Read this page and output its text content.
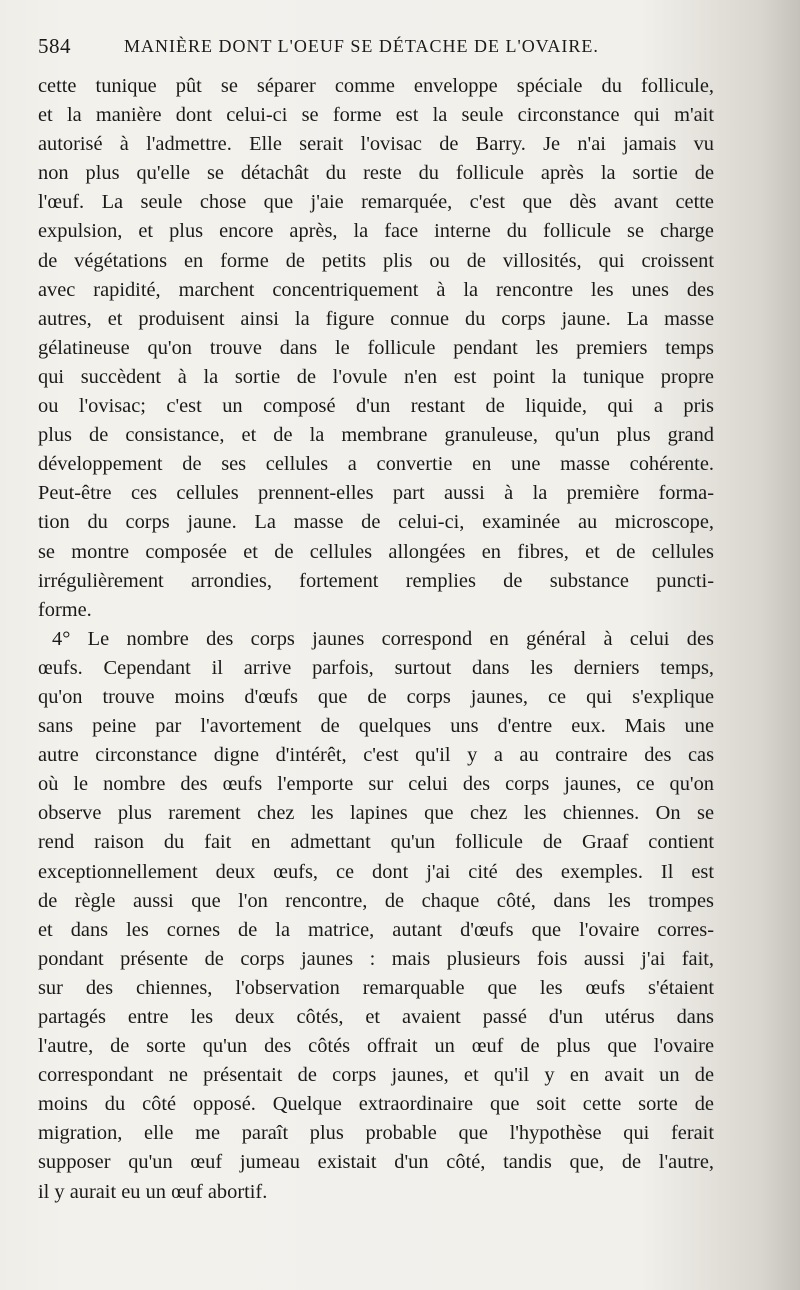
584	MANIÈRE DONT L'OEUF SE DÉTACHE DE L'OVAIRE.
cette tunique pût se séparer comme enveloppe spéciale du follicule,
et la manière dont celui-ci se forme est la seule circonstance qui m'ait
autorisé à l'admettre. Elle serait l'ovisac de Barry. Je n'ai jamais vu
non plus qu'elle se détachât du reste du follicule après la sortie de
l'œuf. La seule chose que j'aie remarquée, c'est que dès avant cette
expulsion, et plus encore après, la face interne du follicule se charge
de végétations en forme de petits plis ou de villosités, qui croissent
avec rapidité, marchent concentriquement à la rencontre les unes des
autres, et produisent ainsi la figure connue du corps jaune. La masse
gélatineuse qu'on trouve dans le follicule pendant les premiers temps
qui succèdent à la sortie de l'ovule n'en est point la tunique propre
ou l'ovisac; c'est un composé d'un restant de liquide, qui a pris
plus de consistance, et de la membrane granuleuse, qu'un plus grand
développement de ses cellules a convertie en une masse cohérente.
Peut-être ces cellules prennent-elles part aussi à la première forma-
tion du corps jaune. La masse de celui-ci, examinée au microscope,
se montre composée et de cellules allongées en fibres, et de cellules
irrégulièrement arrondies, fortement remplies de substance puncti-
forme.
4° Le nombre des corps jaunes correspond en général à celui des
œufs. Cependant il arrive parfois, surtout dans les derniers temps,
qu'on trouve moins d'œufs que de corps jaunes, ce qui s'explique
sans peine par l'avortement de quelques uns d'entre eux. Mais une
autre circonstance digne d'intérêt, c'est qu'il y a au contraire des cas
où le nombre des œufs l'emporte sur celui des corps jaunes, ce qu'on
observe plus rarement chez les lapines que chez les chiennes. On se
rend raison du fait en admettant qu'un follicule de Graaf contient
exceptionnellement deux œufs, ce dont j'ai cité des exemples. Il est
de règle aussi que l'on rencontre, de chaque côté, dans les trompes
et dans les cornes de la matrice, autant d'œufs que l'ovaire corres-
pondant présente de corps jaunes : mais plusieurs fois aussi j'ai fait,
sur des chiennes, l'observation remarquable que les œufs s'étaient
partagés entre les deux côtés, et avaient passé d'un utérus dans
l'autre, de sorte qu'un des côtés offrait un œuf de plus que l'ovaire
correspondant ne présentait de corps jaunes, et qu'il y en avait un de
moins du côté opposé. Quelque extraordinaire que soit cette sorte de
migration, elle me paraît plus probable que l'hypothèse qui ferait
supposer qu'un œuf jumeau existait d'un côté, tandis que, de l'autre,
il y aurait eu un œuf abortif.
